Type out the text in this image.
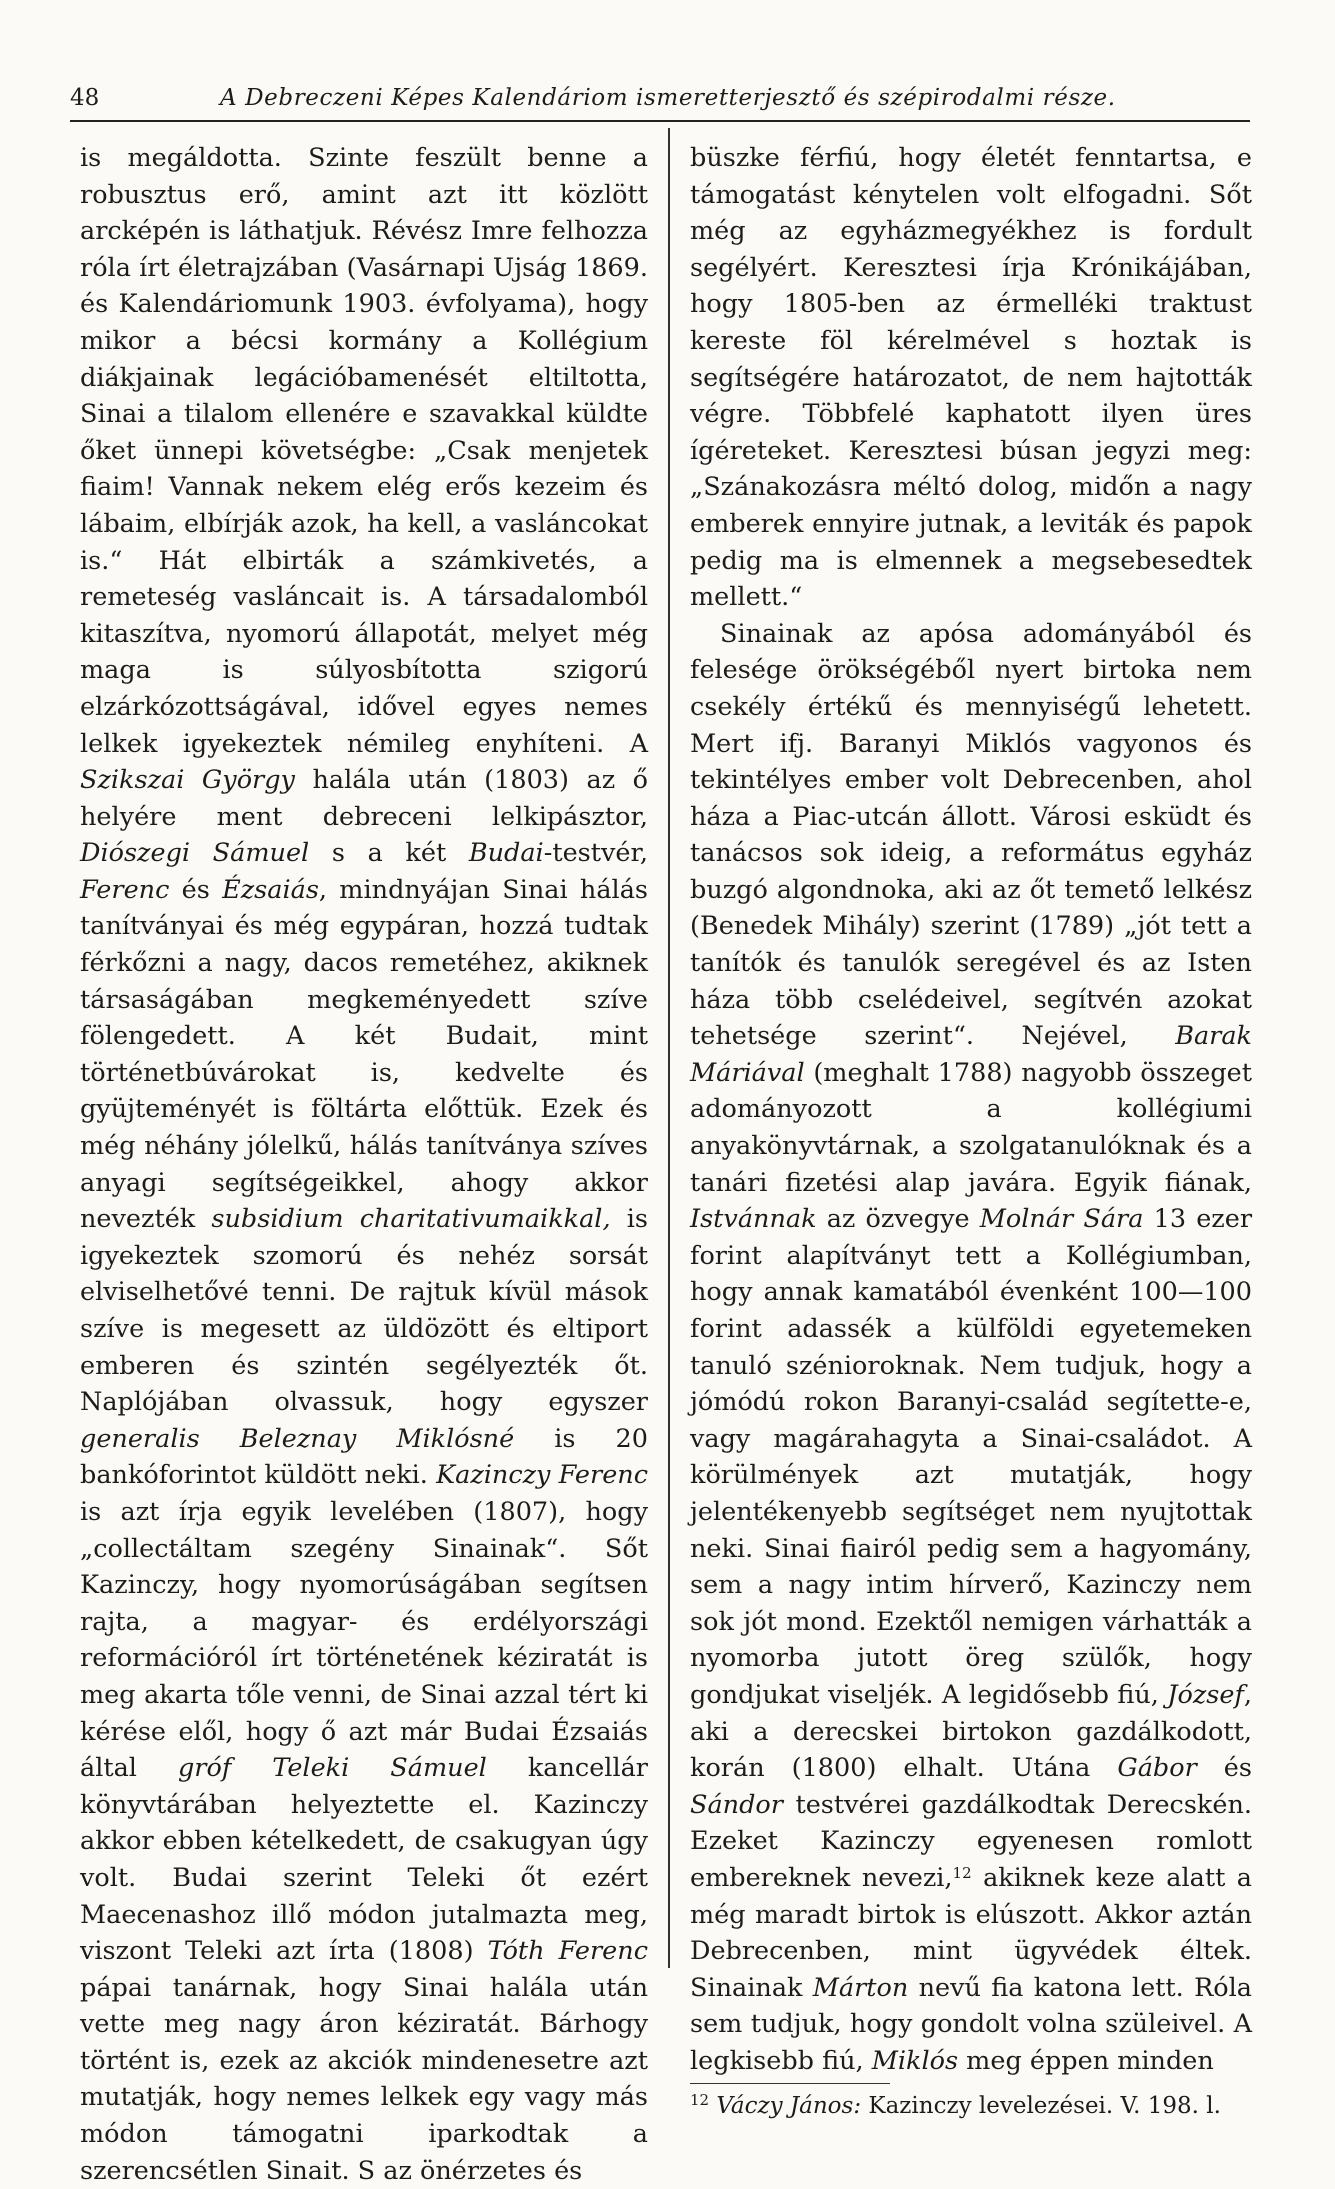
48	A Debreczeni Képes Kalendáriom ismeretterjesztő és szépirodalmi része.

is megáldotta. Szinte feszült benne a robusztus erő, amint azt itt közlött arcképén is láthatjuk. Révész Imre felhozza róla írt életrajzában (Vasárnapi Ujság 1869. és Kalendáriomunk 1903. évfolyama), hogy mikor a bécsi kormány a Kollégium diákjainak legációbamenését eltiltotta, Sinai a tilalom ellenére e szavakkal küldte őket ünnepi követségbe: „Csak menjetek fiaim! Vannak nekem elég erős kezeim és lábaim, elbírják azok, ha kell, a vasláncokat is.“ Hát elbirták a számkivetés, a remeteség vasláncait is. A társadalomból kitaszítva, nyomorú állapotát, melyet még maga is súlyosbította szigorú elzárkózottságával, idővel egyes nemes lelkek igyekeztek némileg enyhíteni. A Szikszai György halála után (1803) az ő helyére ment debreceni lelkipásztor, Diószegi Sámuel s a két Budai-testvér, Ferenc és Ézsaiás, mindnyájan Sinai hálás tanítványai és még egypáran, hozzá tudtak férkőzni a nagy, dacos remetéhez, akiknek társaságában megkeményedett szíve fölengedett. A két Budait, mint történetbúvárokat is, kedvelte és gyüjteményét is föltárta előttük. Ezek és még néhány jólelkű, hálás tanítványa szíves anyagi segítségeikkel, ahogy akkor nevezték subsidium charitativumaikkal, is igyekeztek szomorú és nehéz sorsát elviselhetővé tenni. De rajtuk kívül mások szíve is megesett az üldözött és eltiport emberen és szintén segélyezték őt. Naplójában olvassuk, hogy egyszer generalis Beleznay Miklósné is 20 bankóforintot küldött neki. Kazinczy Ferenc is azt írja egyik levelében (1807), hogy „collectáltam szegény Sinainak“. Sőt Kazinczy, hogy nyomorúságában segítsen rajta, a magyar- és erdélyországi reformációról írt történetének kéziratát is meg akarta tőle venni, de Sinai azzal tért ki kérése elől, hogy ő azt már Budai Ézsaiás által gróf Teleki Sámuel kancellár könyvtárában helyeztette el. Kazinczy akkor ebben kételkedett, de csakugyan úgy volt. Budai szerint Teleki őt ezért Maecenashoz illő módon jutalmazta meg, viszont Teleki azt írta (1808) Tóth Ferenc pápai tanárnak, hogy Sinai halála után vette meg nagy áron kéziratát. Bárhogy történt is, ezek az akciók mindenesetre azt mutatják, hogy nemes lelkek egy vagy más módon támogatni iparkodtak a szerencsétlen Sinait. S az önérzetes és

büszke férfiú, hogy életét fenntartsa, e támogatást kénytelen volt elfogadni. Sőt még az egyházmegyékhez is fordult segélyért. Keresztesi írja Krónikájában, hogy 1805-ben az érmelléki traktust kereste föl kérelmével s hoztak is segítségére határozatot, de nem hajtották végre. Többfelé kaphatott ilyen üres ígéreteket. Keresztesi búsan jegyzi meg: „Szánakozásra méltó dolog, midőn a nagy emberek ennyire jutnak, a leviták és papok pedig ma is elmennek a megsebesedtek mellett.“

Sinainak az apósa adományából és felesége örökségéből nyert birtoka nem csekély értékű és mennyiségű lehetett. Mert ifj. Baranyi Miklós vagyonos és tekintélyes ember volt Debrecenben, ahol háza a Piac-utcán állott. Városi esküdt és tanácsos sok ideig, a református egyház buzgó algondnoka, aki az őt temető lelkész (Benedek Mihály) szerint (1789) „jót tett a tanítók és tanulók seregével és az Isten háza több cselédeivel, segítvén azokat tehetsége szerint“. Nejével, Barak Máriával (meghalt 1788) nagyobb összeget adományozott a kollégiumi anyakönyvtárnak, a szolgatanulóknak és a tanári fizetési alap javára. Egyik fiának, Istvánnak az özvegye Molnár Sára 13 ezer forint alapítványt tett a Kollégiumban, hogy annak kamatából évenként 100—100 forint adassék a külföldi egyetemeken tanuló szénioroknak. Nem tudjuk, hogy a jómódú rokon Baranyi-család segítette-e, vagy magárahagyta a Sinai-családot. A körülmények azt mutatják, hogy jelentékenyebb segítséget nem nyujtottak neki. Sinai fiairól pedig sem a hagyomány, sem a nagy intim hírverő, Kazinczy nem sok jót mond. Ezektől nemigen várhatták a nyomorba jutott öreg szülők, hogy gondjukat viseljék. A legidősebb fiú, József, aki a derecskei birtokon gazdálkodott, korán (1800) elhalt. Utána Gábor és Sándor testvérei gazdálkodtak Derecskén. Ezeket Kazinczy egyenesen romlott embereknek nevezi,$^{12}$ akiknek keze alatt a még maradt birtok is elúszott. Akkor aztán Debrecenben, mint ügyvédek éltek. Sinainak Márton nevű fia katona lett. Róla sem tudjuk, hogy gondolt volna szüleivel. A legkisebb fiú, Miklós meg éppen minden

$^{12}$ Váczy János: Kazinczy levelezései. V. 198. l.
